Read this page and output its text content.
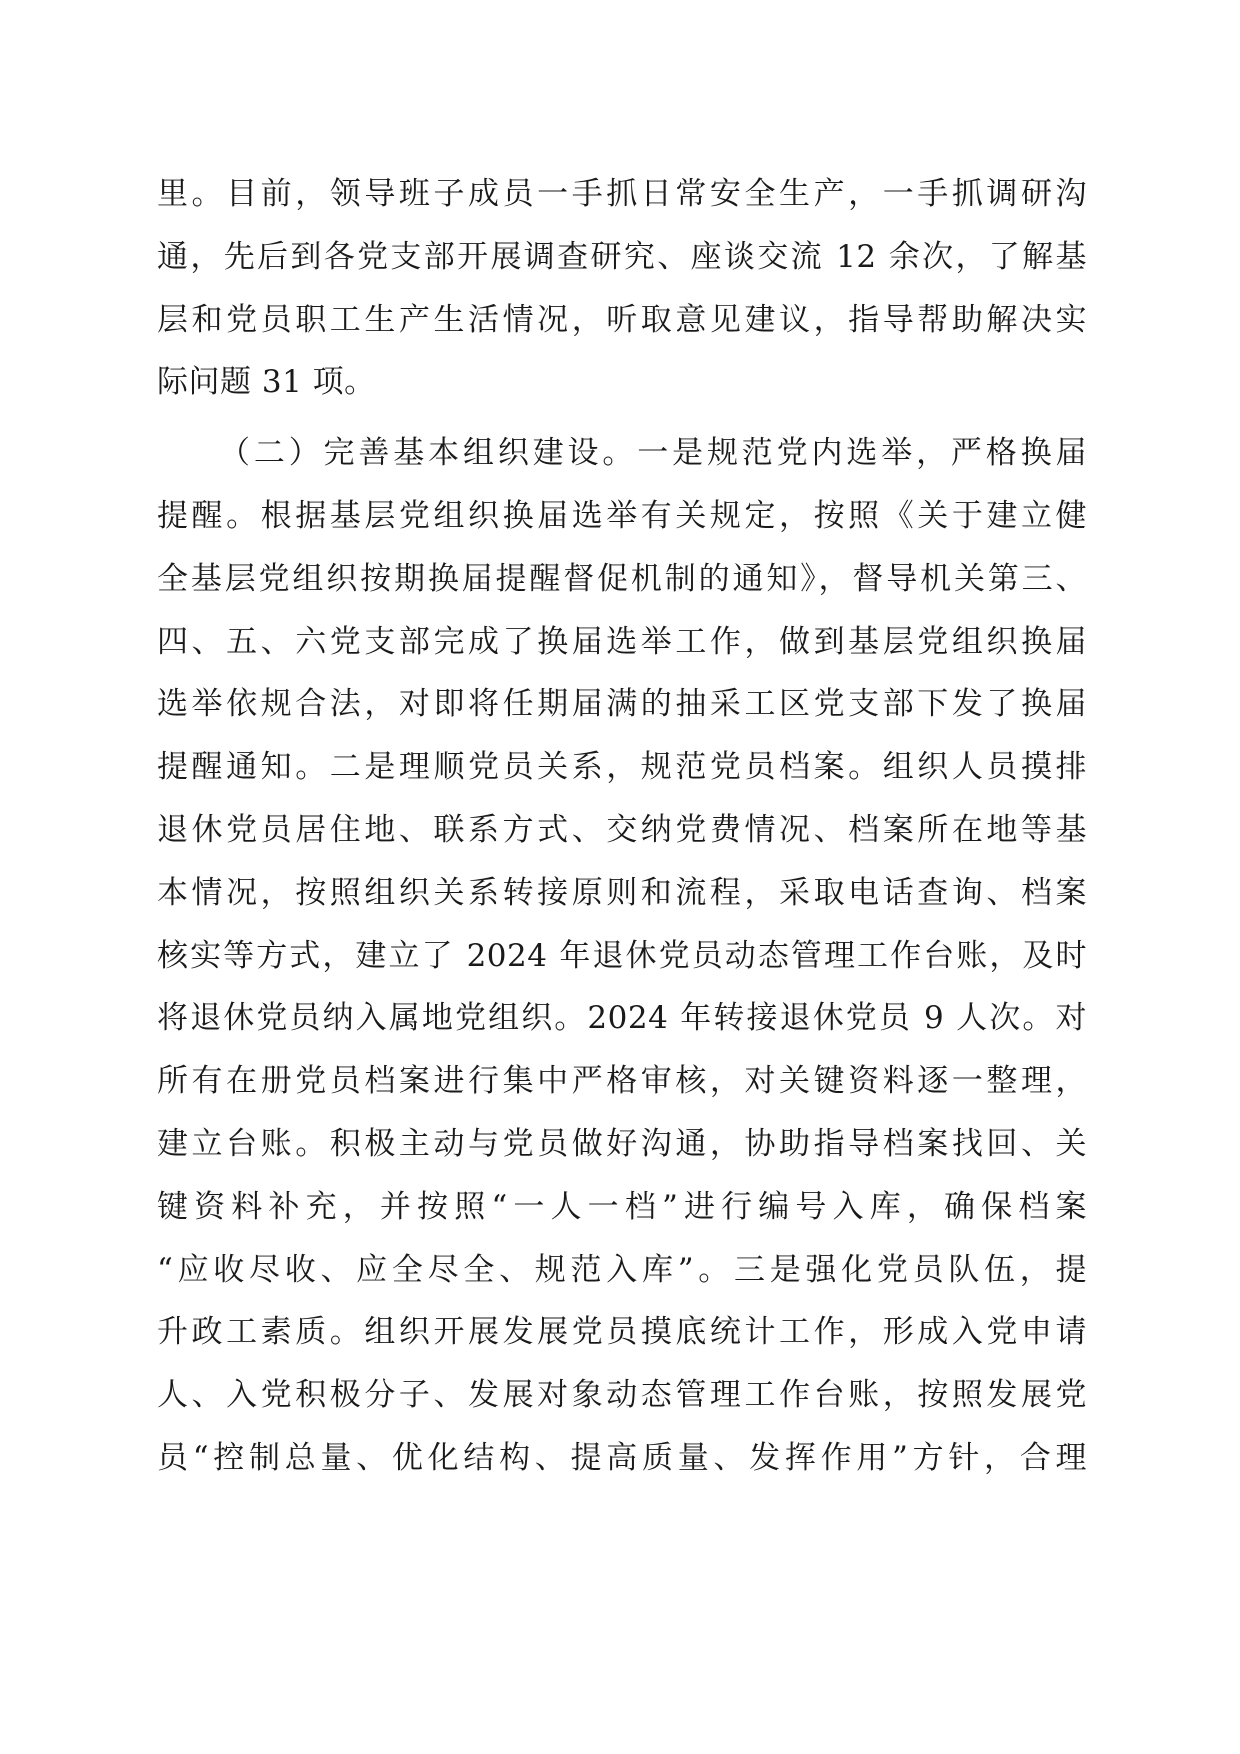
里。目前，领导班子成员一手抓日常安全生产，一手抓调研沟
通，先后到各党支部开展调查研究、座谈交流 12 余次，了解基
层和党员职工生产生活情况，听取意见建议，指导帮助解决实
际问题 31 项。
（二）完善基本组织建设。一是规范党内选举，严格换届
提醒。根据基层党组织换届选举有关规定，按照《关于建立健
全基层党组织按期换届提醒督促机制的通知》，督导机关第三、
四、五、六党支部完成了换届选举工作，做到基层党组织换届
选举依规合法，对即将任期届满的抽采工区党支部下发了换届
提醒通知。二是理顺党员关系，规范党员档案。组织人员摸排
退休党员居住地、联系方式、交纳党费情况、档案所在地等基
本情况，按照组织关系转接原则和流程，采取电话查询、档案
核实等方式，建立了 2024 年退休党员动态管理工作台账，及时
将退休党员纳入属地党组织。2024 年转接退休党员 9 人次。对
所有在册党员档案进行集中严格审核，对关键资料逐一整理，
建立台账。积极主动与党员做好沟通，协助指导档案找回、关
键资料补充，并按照“一人一档”进行编号入库，确保档案
“应收尽收、应全尽全、规范入库”。三是强化党员队伍，提
升政工素质。组织开展发展党员摸底统计工作，形成入党申请
人、入党积极分子、发展对象动态管理工作台账，按照发展党
员“控制总量、优化结构、提高质量、发挥作用”方针，合理
